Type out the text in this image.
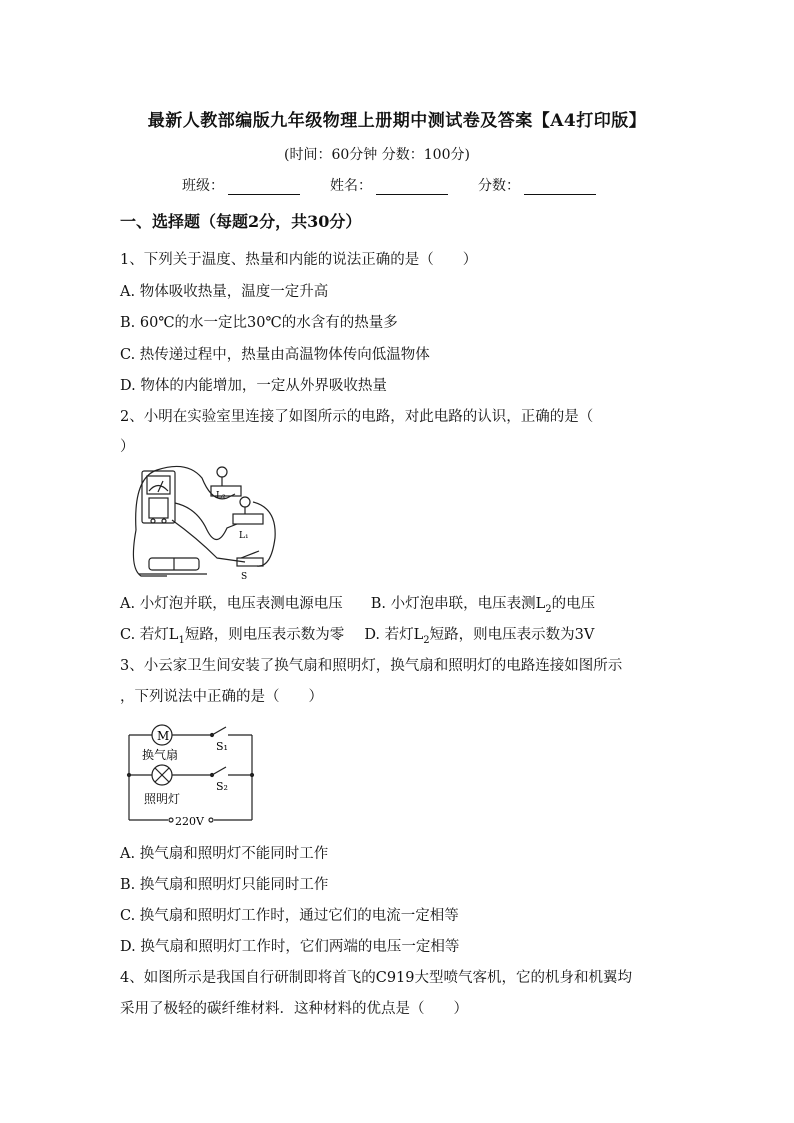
最新人教部编版九年级物理上册期中测试卷及答案【A4打印版】
(时间：60分钟 分数：100分)
班级：	姓名：	分数：
一、选择题（每题2分，共30分）
1、下列关于温度、热量和内能的说法正确的是（　　）
A. 物体吸收热量，温度一定升高
B. 60℃的水一定比30℃的水含有的热量多
C. 热传递过程中，热量由高温物体传向低温物体
D. 物体的内能增加，一定从外界吸收热量
2、小明在实验室里连接了如图所示的电路，对此电路的认识，正确的是（
）
L₂
L₁
S
A. 小灯泡并联，电压表测电源电压 B. 小灯泡串联，电压表测$L_2$的电压
C. 若灯$L_1$短路，则电压表示数为零 D. 若灯$L_2$短路，则电压表示数为3V
3、小云家卫生间安装了换气扇和照明灯，换气扇和照明灯的电路连接如图所示
，下列说法中正确的是（　　）
M
换气扇
S₁
照明灯
S₂
220V
A. 换气扇和照明灯不能同时工作
B. 换气扇和照明灯只能同时工作
C. 换气扇和照明灯工作时，通过它们的电流一定相等
D. 换气扇和照明灯工作时，它们两端的电压一定相等
4、如图所示是我国自行研制即将首飞的C919大型喷气客机，它的机身和机翼均
采用了极轻的碳纤维材料．这种材料的优点是（　　）
